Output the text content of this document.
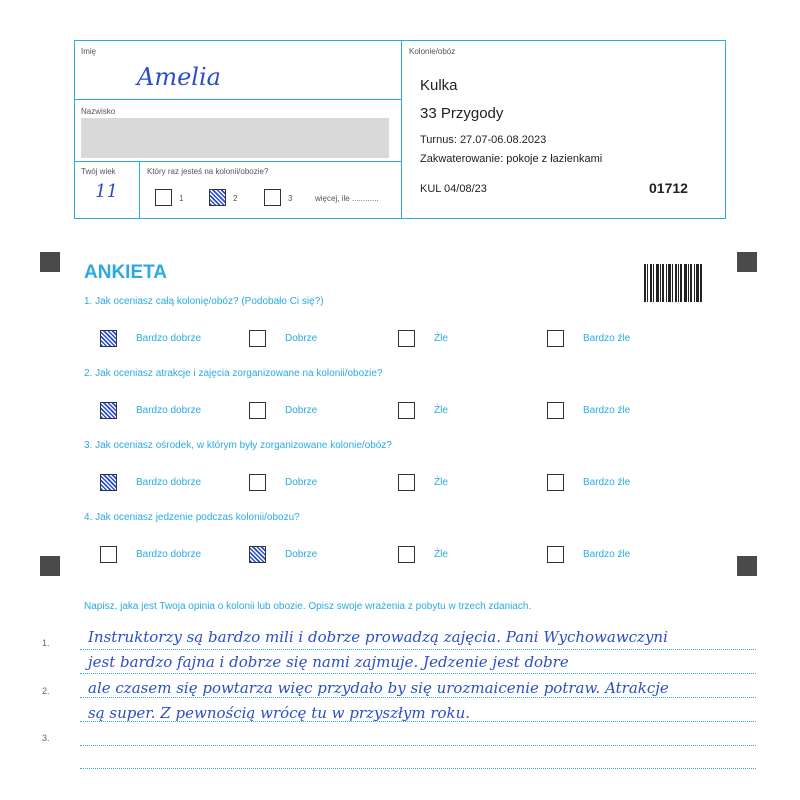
Imię
Amelia
Nazwisko
Twój wiek
11
Który raz jesteś na kolonii/obozie?
1	2	3	więcej, ile ............
Kolonie/obóz
Kulka
33 Przygody
Turnus: 27.07-06.08.2023
Zakwaterowanie: pokoje z łazienkami
KUL 04/08/23	01712
ANKIETA
1. Jak oceniasz całą kolonię/obóz? (Podobało Ci się?)
Bardzo dobrze	Dobrze	Źle	Bardzo źle
2. Jak oceniasz atrakcje i zajęcia zorganizowane na kolonii/obozie?
Bardzo dobrze	Dobrze	Źle	Bardzo źle
3. Jak oceniasz ośrodek, w którym były zorganizowane kolonie/obóz?
Bardzo dobrze	Dobrze	Źle	Bardzo źle
4. Jak oceniasz jedzenie podczas kolonii/obozu?
Bardzo dobrze	Dobrze	Źle	Bardzo źle
Napisz, jaka jest Twoja opinia o kolonii lub obozie. Opisz swoje wrażenia z pobytu w trzech zdaniach.
1.
2.
3.
Instruktorzy są bardzo mili i dobrze prowadzą zajęcia. Pani Wychowawczyni
jest bardzo fajna i dobrze się nami zajmuje. Jedzenie jest dobre
ale czasem się powtarza więc przydało by się urozmaicenie potraw. Atrakcje
są super. Z pewnością wrócę tu w przyszłym roku.
